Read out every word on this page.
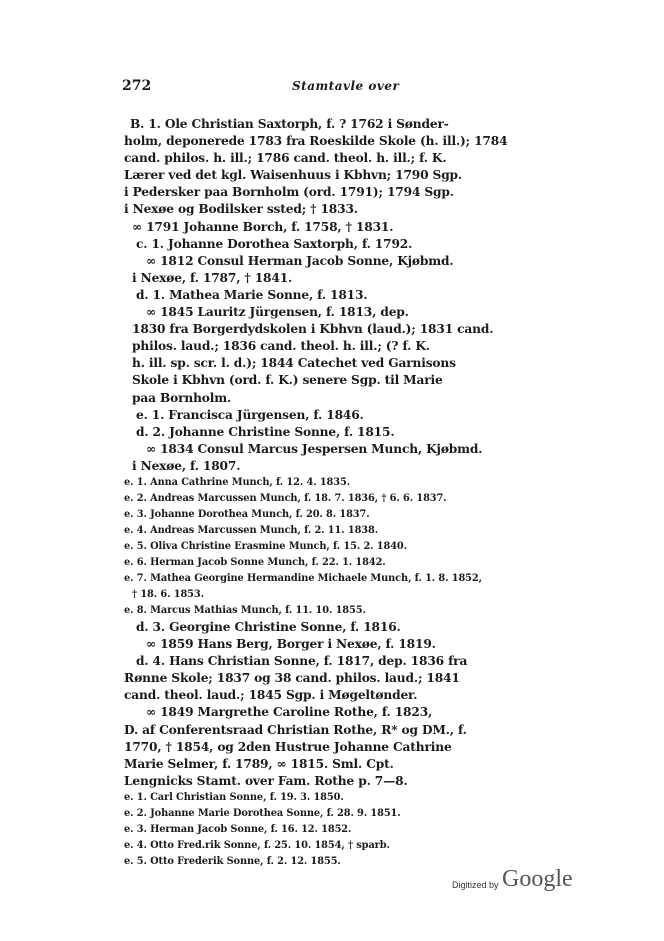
272	Stamtavle over
B. 1. Ole Christian Saxtorph, f. ? 1762 i Sønder-
holm, deponerede 1783 fra Roeskilde Skole (h. ill.); 1784
cand. philos. h. ill.; 1786 cand. theol. h. ill.; f. K.
Lærer ved det kgl. Waisenhuus i Kbhvn; 1790 Sgp.
i Pedersker paa Bornholm (ord. 1791); 1794 Sgp.
i Nexøe og Bodilsker ssted; † 1833.
∞ 1791 Johanne Borch, f. 1758, † 1831.
c. 1. Johanne Dorothea Saxtorph, f. 1792.
∞ 1812 Consul Herman Jacob Sonne, Kjøbmd.
i Nexøe, f. 1787, † 1841.
d. 1. Mathea Marie Sonne, f. 1813.
∞ 1845 Lauritz Jürgensen, f. 1813, dep.
1830 fra Borgerdydskolen i Kbhvn (laud.); 1831 cand.
philos. laud.; 1836 cand. theol. h. ill.; (? f. K.
h. ill. sp. scr. l. d.); 1844 Catechet ved Garnisons
Skole i Kbhvn (ord. f. K.) senere Sgp. til Marie
paa Bornholm.
e. 1. Francisca Jürgensen, f. 1846.
d. 2. Johanne Christine Sonne, f. 1815.
∞ 1834 Consul Marcus Jespersen Munch, Kjøbmd.
i Nexøe, f. 1807.
e. 1. Anna Cathrine Munch, f. 12. 4. 1835.
e. 2. Andreas Marcussen Munch, f. 18. 7. 1836, † 6. 6. 1837.
e. 3. Johanne Dorothea Munch, f. 20. 8. 1837.
e. 4. Andreas Marcussen Munch, f. 2. 11. 1838.
e. 5. Oliva Christine Erasmine Munch, f. 15. 2. 1840.
e. 6. Herman Jacob Sonne Munch, f. 22. 1. 1842.
e. 7. Mathea Georgine Hermandine Michaele Munch, f. 1. 8. 1852,
† 18. 6. 1853.
e. 8. Marcus Mathias Munch, f. 11. 10. 1855.
d. 3. Georgine Christine Sonne, f. 1816.
∞ 1859 Hans Berg, Borger i Nexøe, f. 1819.
d. 4. Hans Christian Sonne, f. 1817, dep. 1836 fra
Rønne Skole; 1837 og 38 cand. philos. laud.; 1841
cand. theol. laud.; 1845 Sgp. i Møgeltønder.
∞ 1849 Margrethe Caroline Rothe, f. 1823,
D. af Conferentsraad Christian Rothe, R* og DM., f.
1770, † 1854, og 2den Hustrue Johanne Cathrine
Marie Selmer, f. 1789, ∞ 1815. Sml. Cpt.
Lengnicks Stamt. over Fam. Rothe p. 7—8.
e. 1. Carl Christian Sonne, f. 19. 3. 1850.
e. 2. Johanne Marie Dorothea Sonne, f. 28. 9. 1851.
e. 3. Herman Jacob Sonne, f. 16. 12. 1852.
e. 4. Otto Fred.rik Sonne, f. 25. 10. 1854, † sparb.
e. 5. Otto Frederik Sonne, f. 2. 12. 1855.
Digitized by Google
